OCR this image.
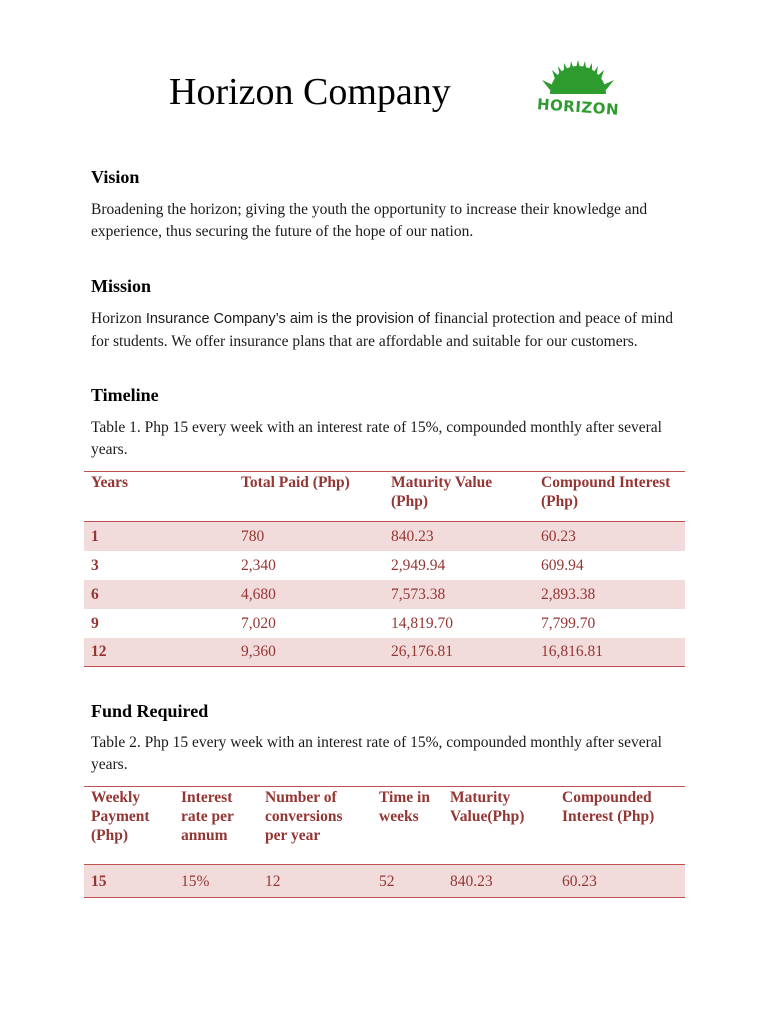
Horizon Company	HORIZON
Vision

Broadening the horizon; giving the youth the opportunity to increase their knowledge and experience, thus securing the future of the hope of our nation.

Mission

Horizon Insurance Company’s aim is the provision of financial protection and peace of mind for students. We offer insurance plans that are affordable and suitable for our customers.

Timeline

Table 1. Php 15 every week with an interest rate of 15%, compounded monthly after several years.

Years	Total Paid (Php)	Maturity Value (Php)	Compound Interest (Php)
1	780	840.23	60.23
3	2,340	2,949.94	609.94
6	4,680	7,573.38	2,893.38
9	7,020	14,819.70	7,799.70
12	9,360	26,176.81	16,816.81
Fund Required

Table 2. Php 15 every week with an interest rate of 15%, compounded monthly after several years.

Weekly Payment (Php)	Interest rate per annum	Number of conversions per year	Time in weeks	Maturity Value(Php)	Compounded Interest (Php)
15	15%	12	52	840.23	60.23
